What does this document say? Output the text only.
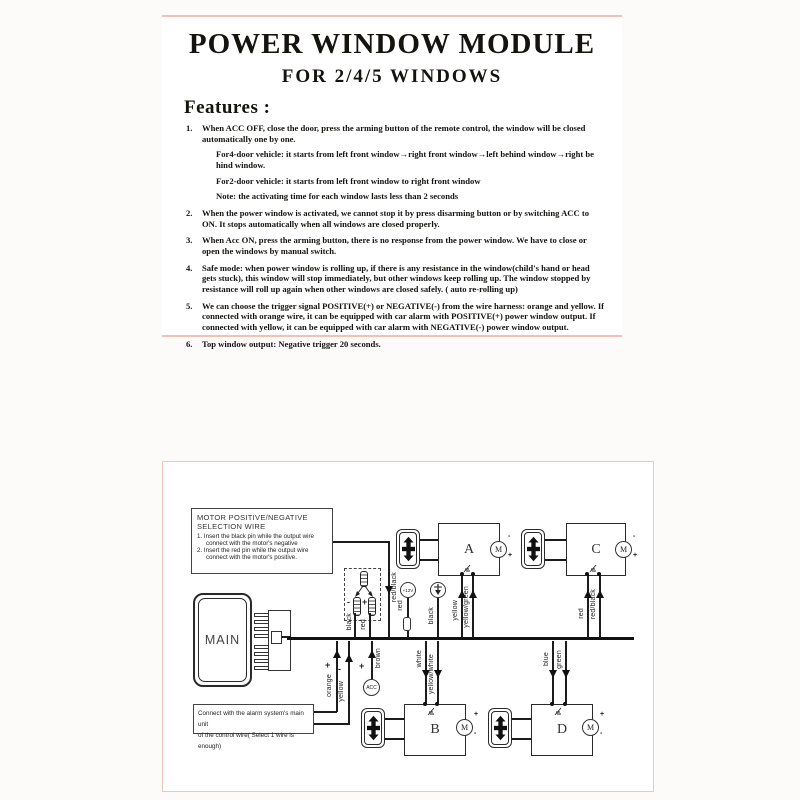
POWER WINDOW MODULE
FOR 2/4/5 WINDOWS
Features :
1.	When ACC OFF, close the door, press the arming button of the remote control, the window will be closed automatically one by one.

For4-door vehicle: it starts from left front window→right front window→left behind window→right be hind window.

For2-door vehicle: it starts from left front window to right front window

Note: the activating time for each window lasts less than 2 seconds

2.	When the power window is activated, we cannot stop it by press disarming button or by switching ACC to ON. It stops automatically when all windows are closed properly.

3.	When Acc ON, press the arming button, there is no response from the power window. We have to close or open the windows by manual switch.

4.	Safe mode: when power window is rolling up, if there is any resistance in the window(child's hand or head gets stuck), this window will stop immediately, but other windows keep rolling up. The window stopped by resistance will roll up again when other windows are closed safely. ( auto re-rolling up)

5.	We can choose the trigger signal POSITIVE(+) or NEGATIVE(-) from the wire harness: orange and yellow. If connected with orange wire, it can be equipped with car alarm with POSITIVE(+) power window output. If connected with yellow, it can be equipped with car alarm with NEGATIVE(-) power window output.

6.	Top window output: Negative trigger 20 seconds.

MOTOR POSITIVE/NEGATIVE
SELECTION WIRE
1. Insert the black pin while the output wire
connect with the motor's negative
2. Insert the red pin while the output wire
connect with the motor's positive.
MAIN
- +
black red
red/black +12V
red
black
A	M
-
+
yellow yellow/green
C M
-
+
red red/black
B	M
+
-
white yellow/white
D M
+
-
blue green
+
orange
-
yellow
+ brown
ACC
Connect with the alarm system's main unit
of the control wire( Select 1 wire is enough)
